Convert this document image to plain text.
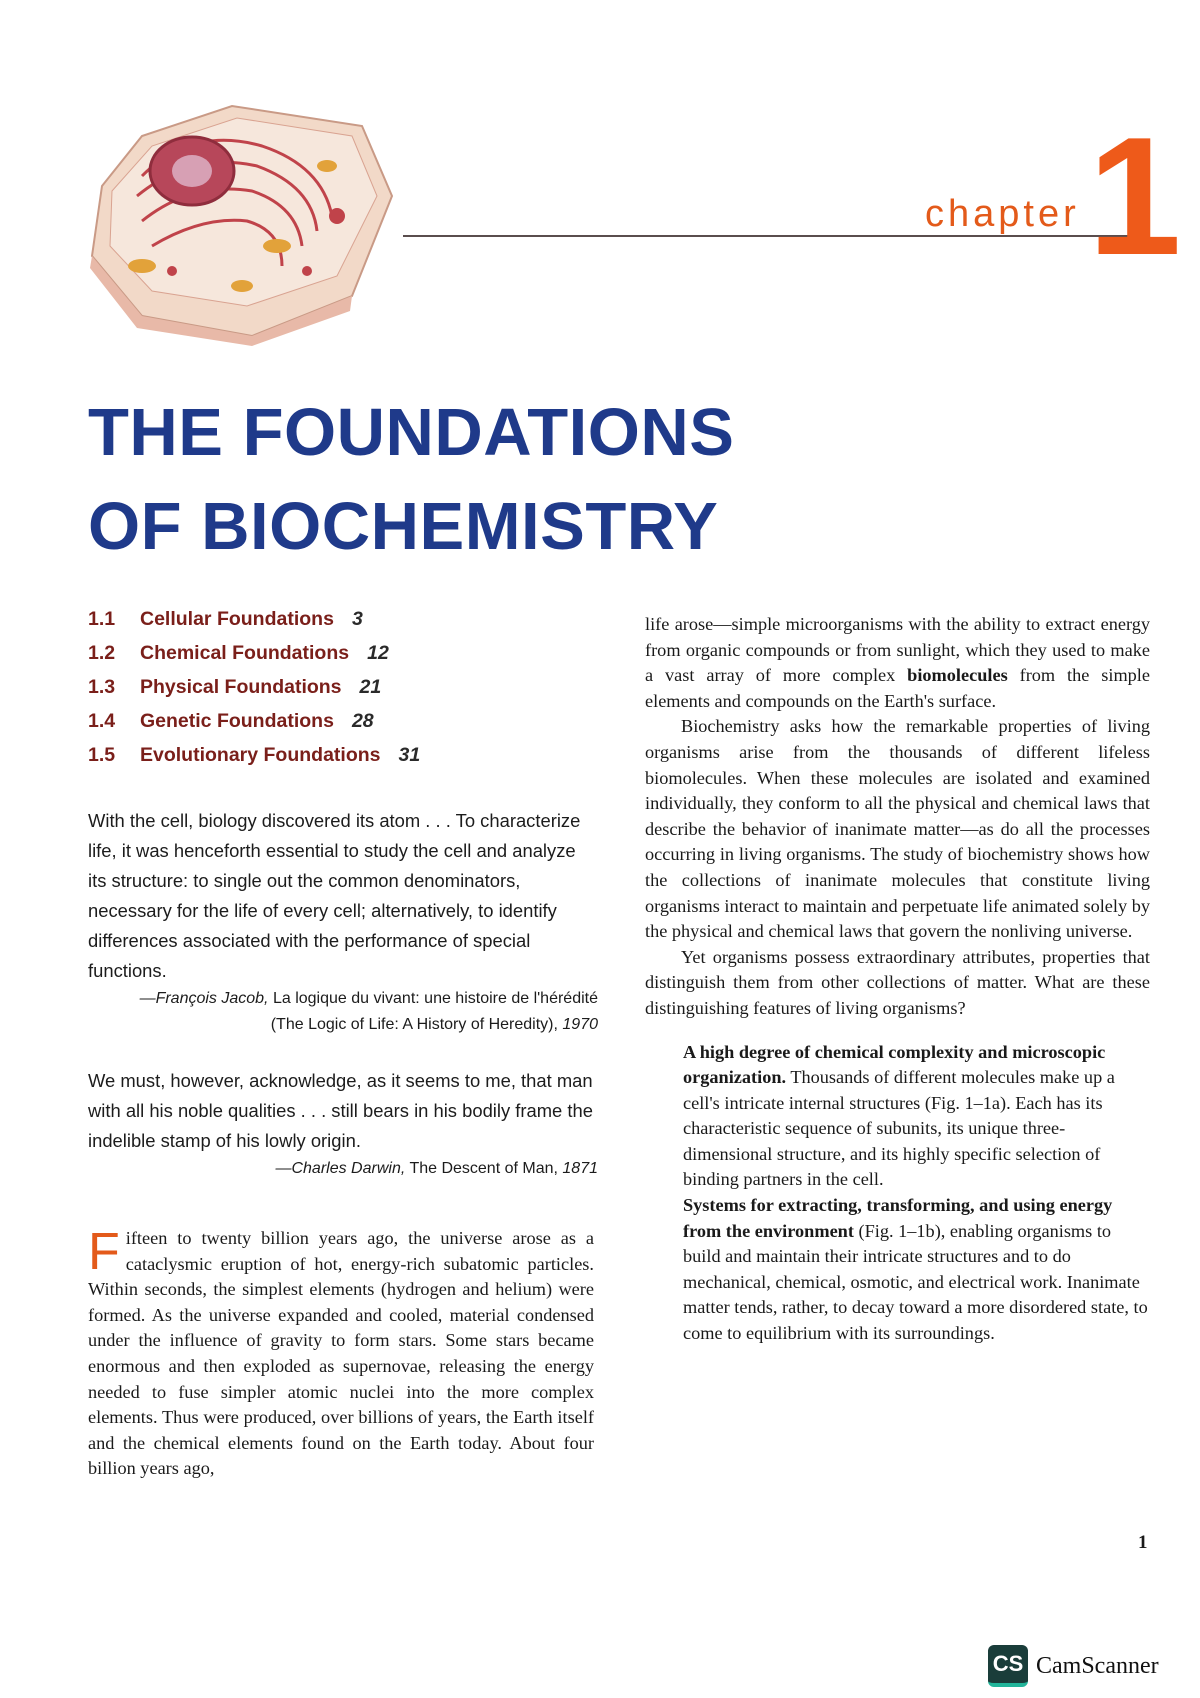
chapter 1
THE FOUNDATIONS
OF BIOCHEMISTRY
1.1	Cellular Foundations 3
1.2	Chemical Foundations 12
1.3	Physical Foundations 21
1.4	Genetic Foundations 28
1.5	Evolutionary Foundations 31

With the cell, biology discovered its atom . . . To characterize life, it was henceforth essential to study the cell and analyze its structure: to single out the common denominators, necessary for the life of every cell; alternatively, to identify differences associated with the performance of special functions.

—François Jacob, La logique du vivant: une histoire de l'hérédité
(The Logic of Life: A History of Heredity), 1970

We must, however, acknowledge, as it seems to me, that man with all his noble qualities . . . still bears in his bodily frame the indelible stamp of his lowly origin.

—Charles Darwin, The Descent of Man, 1871

Fifteen to twenty billion years ago, the universe arose as a cataclysmic eruption of hot, energy-rich subatomic particles. Within seconds, the simplest elements (hydrogen and helium) were formed. As the universe expanded and cooled, material condensed under the influence of gravity to form stars. Some stars became enormous and then exploded as supernovae, releasing the energy needed to fuse simpler atomic nuclei into the more complex elements. Thus were produced, over billions of years, the Earth itself and the chemical elements found on the Earth today. About four billion years ago,

life arose—simple microorganisms with the ability to extract energy from organic compounds or from sunlight, which they used to make a vast array of more complex biomolecules from the simple elements and compounds on the Earth's surface.

Biochemistry asks how the remarkable properties of living organisms arise from the thousands of different lifeless biomolecules. When these molecules are isolated and examined individually, they conform to all the physical and chemical laws that describe the behavior of inanimate matter—as do all the processes occurring in living organisms. The study of biochemistry shows how the collections of inanimate molecules that constitute living organisms interact to maintain and perpetuate life animated solely by the physical and chemical laws that govern the nonliving universe.

Yet organisms possess extraordinary attributes, properties that distinguish them from other collections of matter. What are these distinguishing features of living organisms?

A high degree of chemical complexity and microscopic organization. Thousands of different molecules make up a cell's intricate internal structures (Fig. 1–1a). Each has its characteristic sequence of subunits, its unique three-dimensional structure, and its highly specific selection of binding partners in the cell.

Systems for extracting, transforming, and using energy from the environment (Fig. 1–1b), enabling organisms to build and maintain their intricate structures and to do mechanical, chemical, osmotic, and electrical work. Inanimate matter tends, rather, to decay toward a more disordered state, to come to equilibrium with its surroundings.

1
CS CamScanner
